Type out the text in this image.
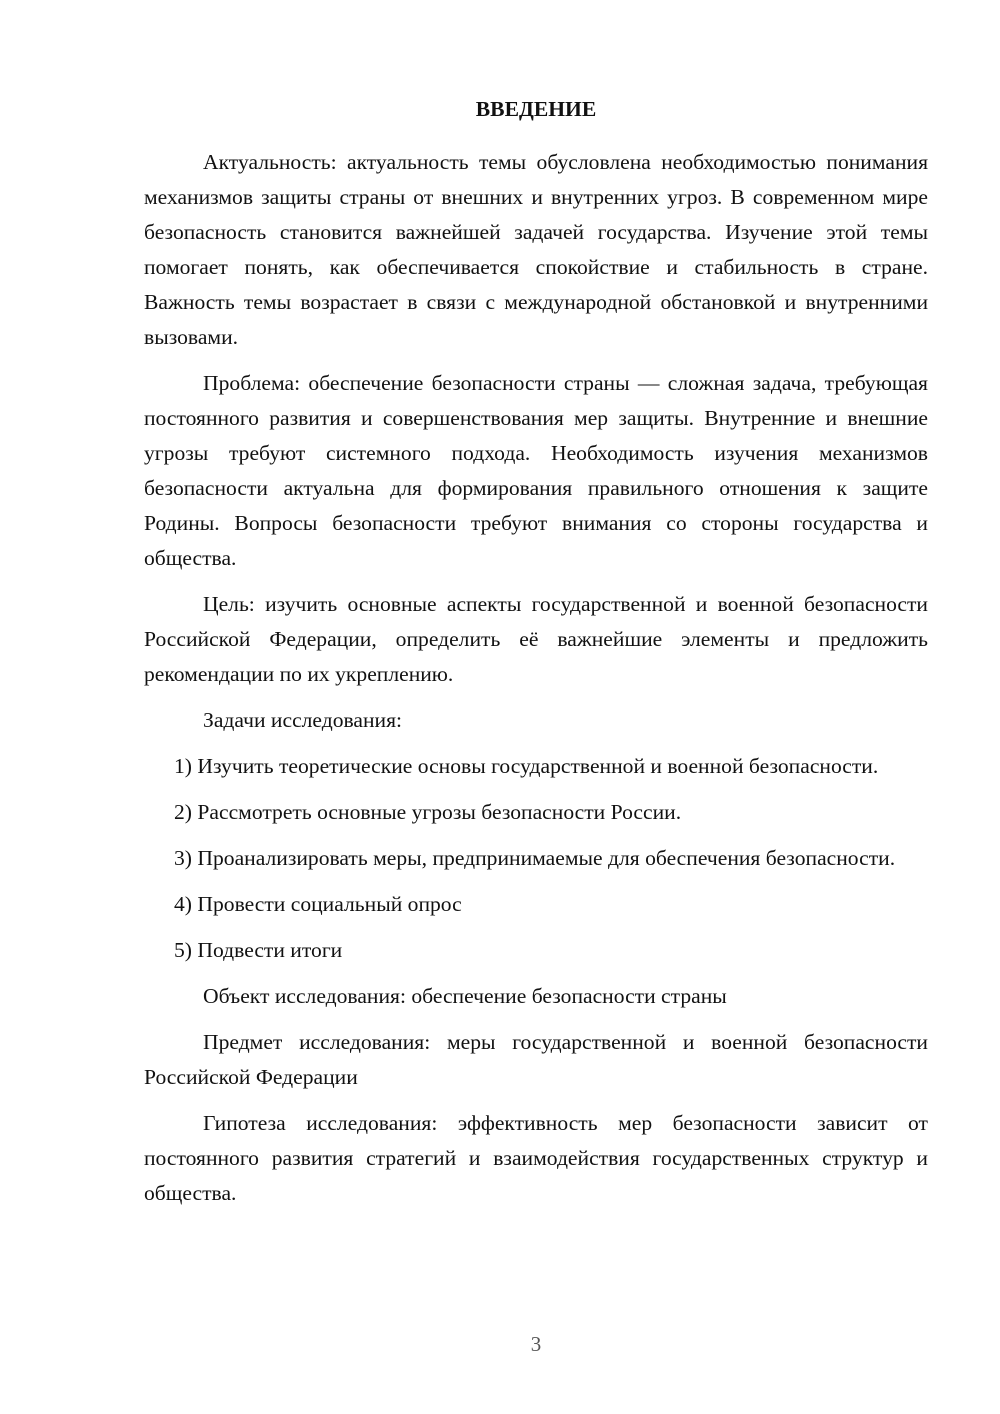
ВВЕДЕНИЕ

Актуальность: актуальность темы обусловлена необходимостью понимания механизмов защиты страны от внешних и внутренних угроз. В современном мире безопасность становится важнейшей задачей государства. Изучение этой темы помогает понять, как обеспечивается спокойствие и стабильность в стране. Важность темы возрастает в связи с международной обстановкой и внутренними вызовами.

Проблема: обеспечение безопасности страны — сложная задача, требующая постоянного развития и совершенствования мер защиты. Внутренние и внешние угрозы требуют системного подхода. Необходимость изучения механизмов безопасности актуальна для формирования правильного отношения к защите Родины. Вопросы безопасности требуют внимания со стороны государства и общества.

Цель: изучить основные аспекты государственной и военной безопасности Российской Федерации, определить её важнейшие элементы и предложить рекомендации по их укреплению.

Задачи исследования:

1) Изучить теоретические основы государственной и военной безопасности.

2) Рассмотреть основные угрозы безопасности России.

3) Проанализировать меры, предпринимаемые для обеспечения безопасности.

4) Провести социальный опрос

5) Подвести итоги

Объект исследования: обеспечение безопасности страны

Предмет исследования: меры государственной и военной безопасности Российской Федерации

Гипотеза исследования: эффективность мер безопасности зависит от постоянного развития стратегий и взаимодействия государственных структур и общества.

3
